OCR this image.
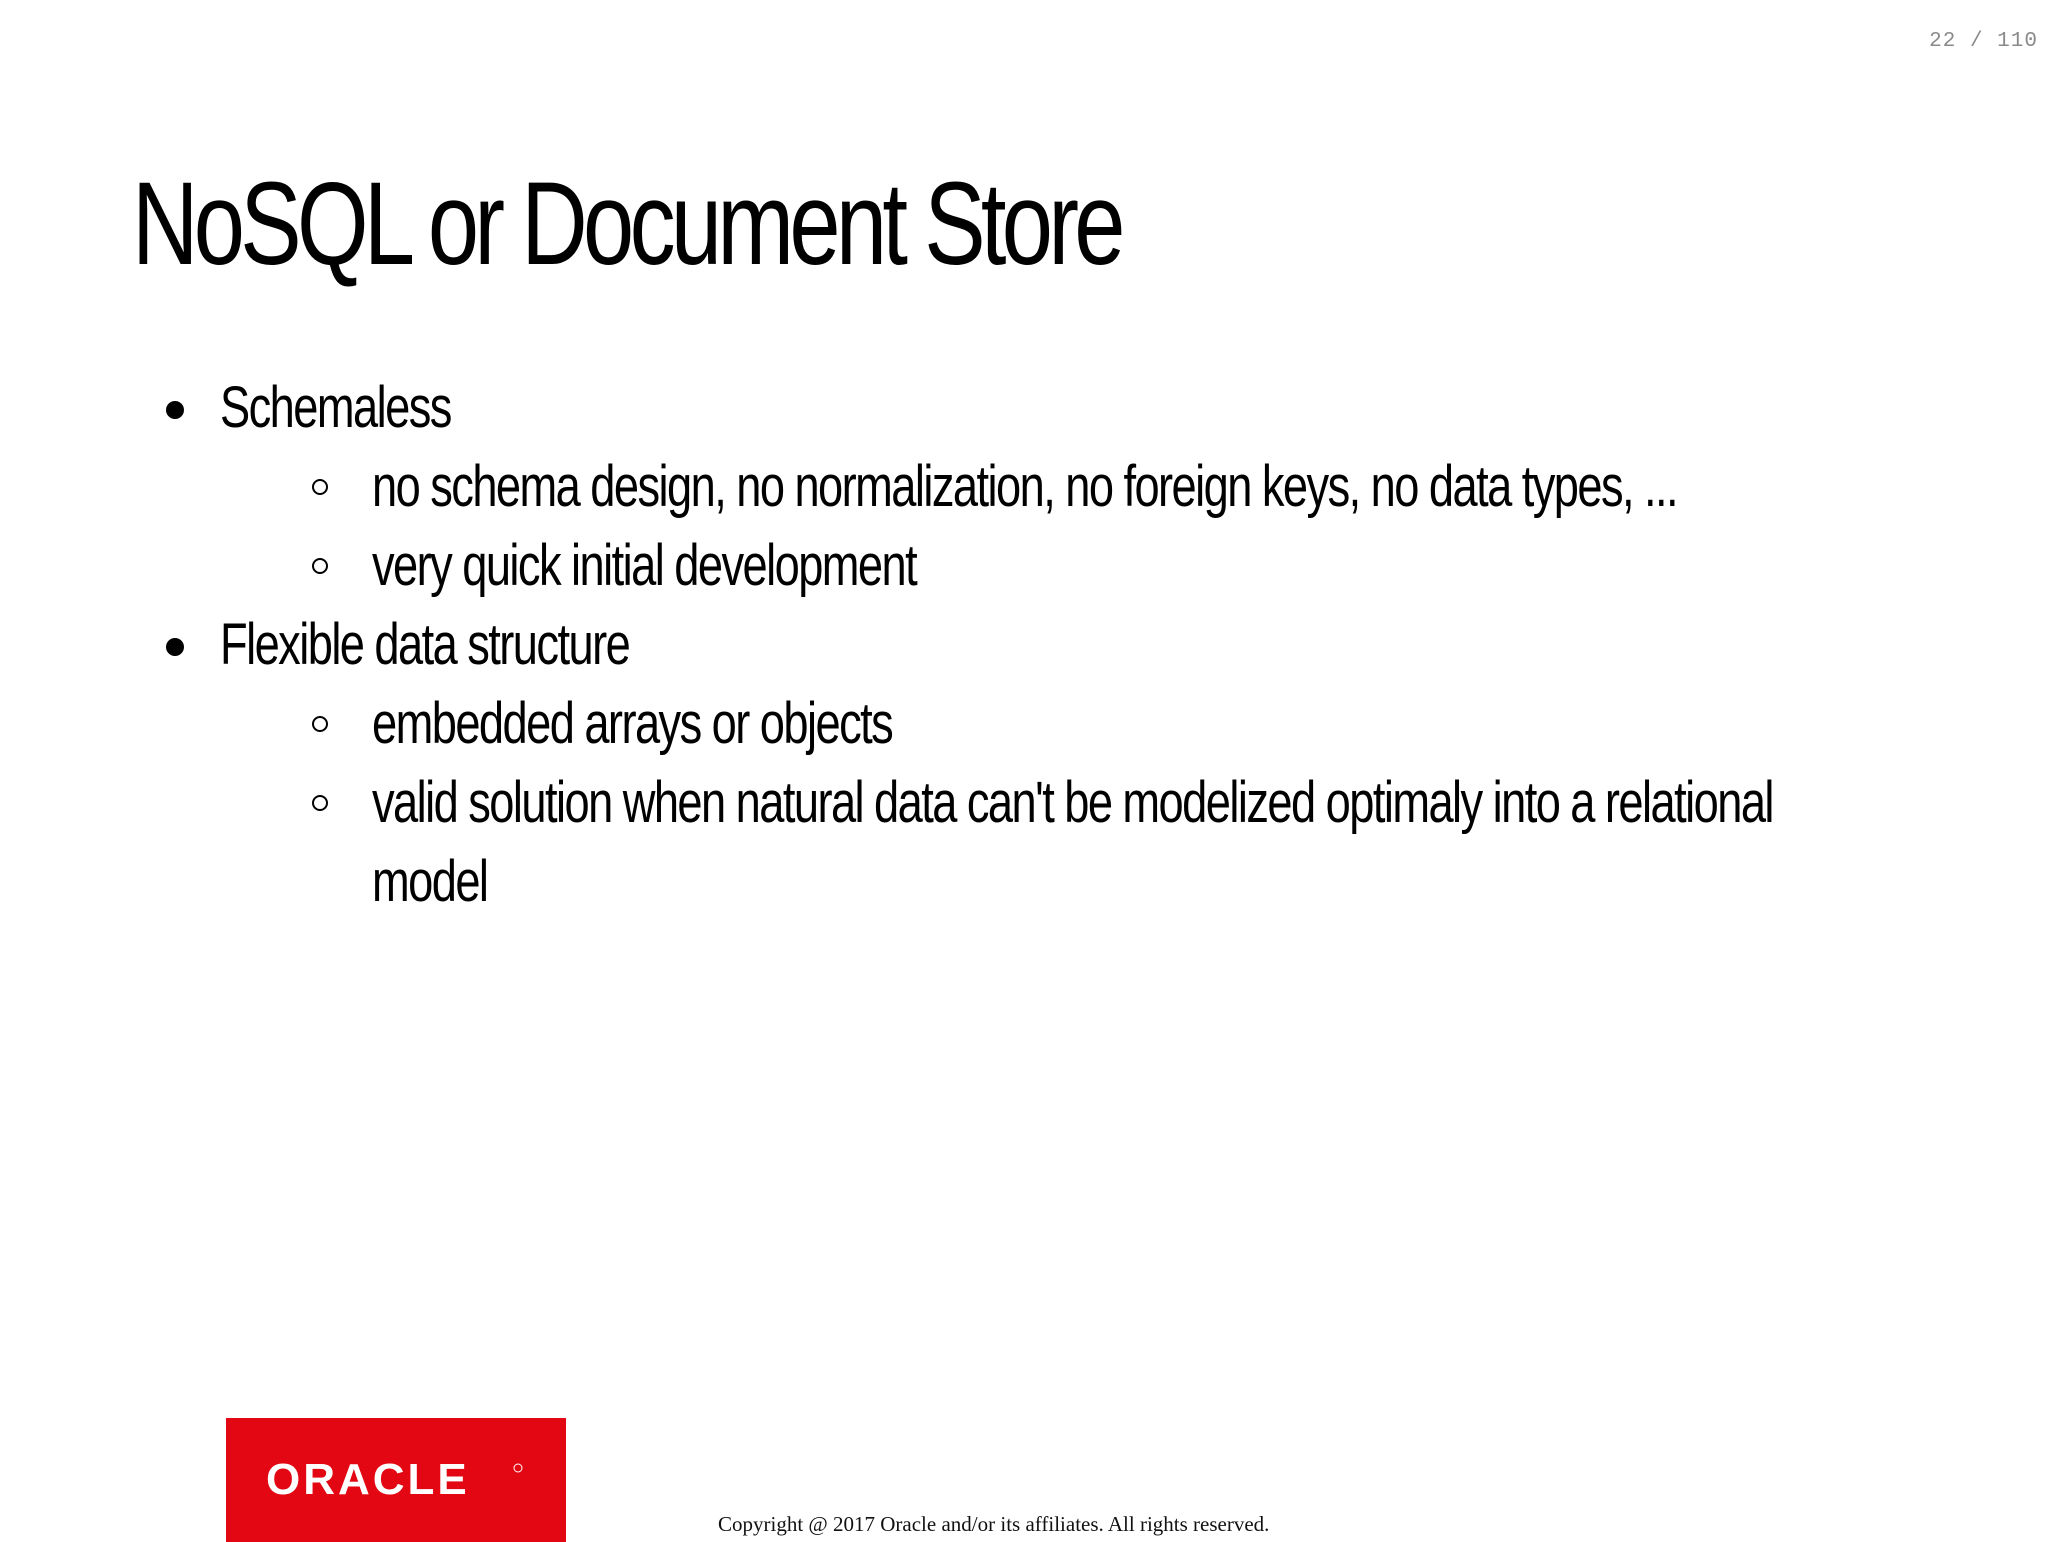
22 / 110
NoSQL or Document Store
Schemaless
no schema design, no normalization, no foreign keys, no data types, ...
very quick initial development
Flexible data structure
embedded arrays or objects
valid solution when natural data can't be modelized optimaly into a relational
model
ORACLE
Copyright @ 2017 Oracle and/or its affiliates. All rights reserved.
